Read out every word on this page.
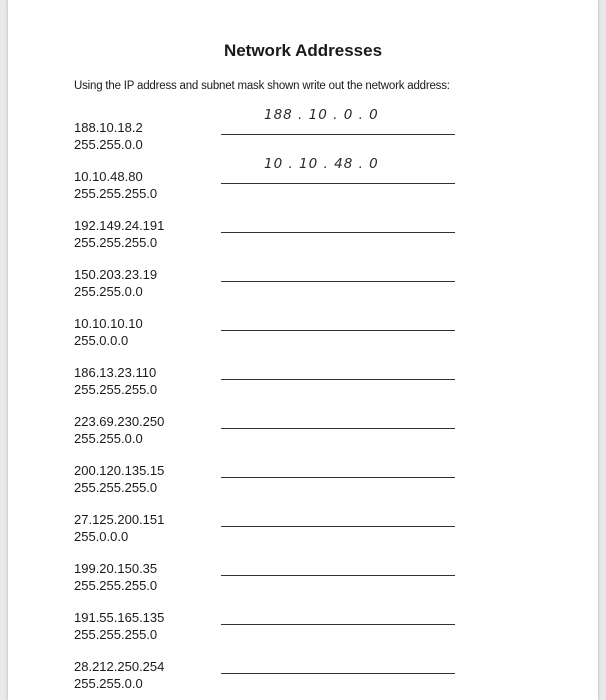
Network Addresses
Using the IP address and subnet mask shown write out the network address:
188.10.18.2
255.255.0.0
188 . 10 . 0 . 0
10.10.48.80
255.255.255.0
10 . 10 . 48 . 0
192.149.24.191
255.255.255.0
150.203.23.19
255.255.0.0
10.10.10.10
255.0.0.0
186.13.23.110
255.255.255.0
223.69.230.250
255.255.0.0
200.120.135.15
255.255.255.0
27.125.200.151
255.0.0.0
199.20.150.35
255.255.255.0
191.55.165.135
255.255.255.0
28.212.250.254
255.255.0.0
